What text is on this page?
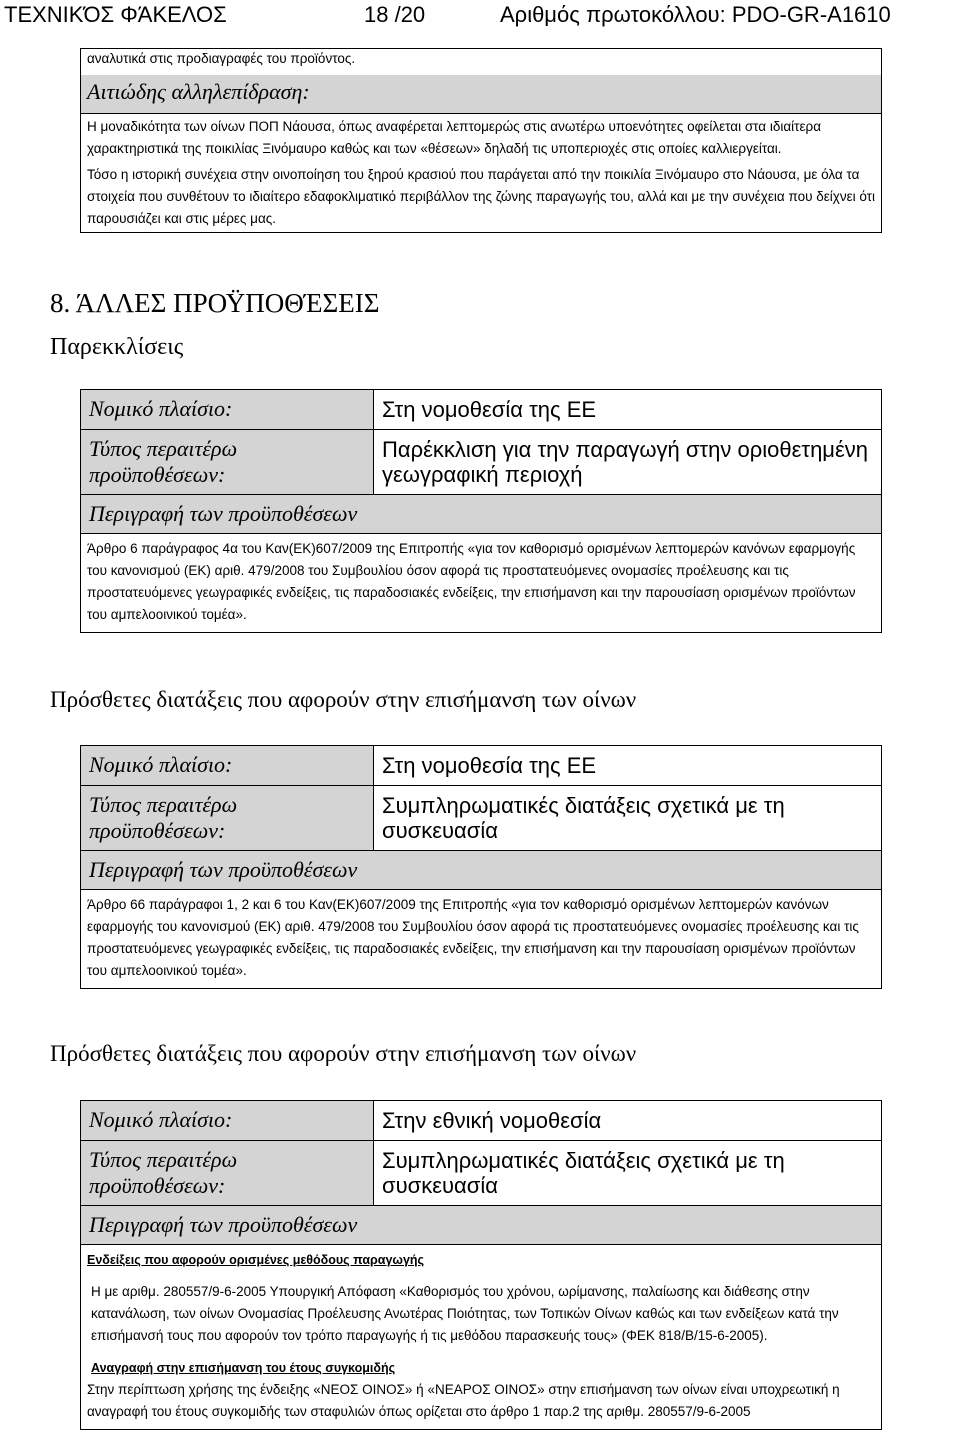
ΤΕΧΝΙΚΌΣ ΦΆΚΕΛΟΣ	18 /20	Αριθμός πρωτοκόλλου: PDO-GR-A1610
αναλυτικά στις προδιαγραφές του προϊόντος.
Αιτιώδης αλληλεπίδραση:
Η μοναδικότητα των οίνων ΠΟΠ Νάουσα, όπως αναφέρεται λεπτομερώς στις ανωτέρω υποενότητες οφείλεται στα ιδιαίτερα χαρακτηριστικά της ποικιλίας Ξινόμαυρο καθώς και των «θέσεων» δηλαδή τις υποπεριοχές στις οποίες καλλιεργείται.
Τόσο η ιστορική συνέχεια στην οινοποίηση του ξηρού κρασιού που παράγεται από την ποικιλία Ξινόμαυρο στο Νάουσα, με όλα τα στοιχεία που συνθέτουν το ιδιαίτερο εδαφοκλιματικό περιβάλλον της ζώνης παραγωγής του, αλλά και με την συνέχεια που δείχνει ότι παρουσιάζει και στις μέρες μας.
8. ΆΛΛΕΣ ΠΡΟΫΠΟΘΈΣΕΙΣ
Παρεκκλίσεις
Νομικό πλαίσιο:	Στη νομοθεσία της ΕΕ
Τύπος περαιτέρω προϋποθέσεων:	Παρέκκλιση για την παραγωγή στην οριοθετημένη γεωγραφική περιοχή
Περιγραφή των προϋποθέσεων	
Άρθρο 6 παράγραφος 4α του Καν(ΕΚ)607/2009 της Επιτροπής «για τον καθορισμό ορισμένων λεπτομερών κανόνων εφαρμογής του κανονισμού (ΕΚ) αριθ. 479/2008 του Συμβουλίου όσον αφορά τις προστατευόμενες ονομασίες προέλευσης και τις προστατευόμενες γεωγραφικές ενδείξεις, τις παραδοσιακές ενδείξεις, την επισήμανση και την παρουσίαση ορισμένων προϊόντων του αμπελοοινικού τομέα».	
Πρόσθετες διατάξεις που αφορούν στην επισήμανση των οίνων
Νομικό πλαίσιο:	Στη νομοθεσία της ΕΕ
Τύπος περαιτέρω προϋποθέσεων:	Συμπληρωματικές διατάξεις σχετικά με τη συσκευασία
Περιγραφή των προϋποθέσεων	
Άρθρο 66 παράγραφοι 1, 2 και 6 του Καν(ΕΚ)607/2009 της Επιτροπής «για τον καθορισμό ορισμένων λεπτομερών κανόνων εφαρμογής του κανονισμού (ΕΚ) αριθ. 479/2008 του Συμβουλίου όσον αφορά τις προστατευόμενες ονομασίες προέλευσης και τις προστατευόμενες γεωγραφικές ενδείξεις, τις παραδοσιακές ενδείξεις, την επισήμανση και την παρουσίαση ορισμένων προϊόντων του αμπελοοινικού τομέα».	
Πρόσθετες διατάξεις που αφορούν στην επισήμανση των οίνων
Νομικό πλαίσιο:	Στην εθνική νομοθεσία
Τύπος περαιτέρω προϋποθέσεων:	Συμπληρωματικές διατάξεις σχετικά με τη συσκευασία
Περιγραφή των προϋποθέσεων	

Ενδείξεις που αφορούν ορισμένες μεθόδους παραγωγής
Η με αριθμ. 280557/9-6-2005 Υπουργική Απόφαση «Καθορισμός του χρόνου, ωρίμανσης, παλαίωσης και διάθεσης στην κατανάλωση, των οίνων Ονομασίας Προέλευσης Ανωτέρας Ποιότητας, των Τοπικών Οίνων καθώς και των ενδείξεων κατά την επισήμανσή τους που αφορούν τον τρόπο παραγωγής ή τις μεθόδου παρασκευής τους» (ΦΕΚ 818/Β/15-6-2005).
Αναγραφή στην επισήμανση του έτους συγκομιδής
Στην περίπτωση χρήσης της ένδειξης «ΝΕΟΣ ΟΙΝΟΣ» ή «ΝΕΑΡΟΣ ΟΙΝΟΣ» στην επισήμανση των οίνων είναι υποχρεωτική η αναγραφή του έτους συγκομιδής των σταφυλιών όπως ορίζεται στο άρθρο 1 παρ.2 της αριθμ. 280557/9-6-2005	
